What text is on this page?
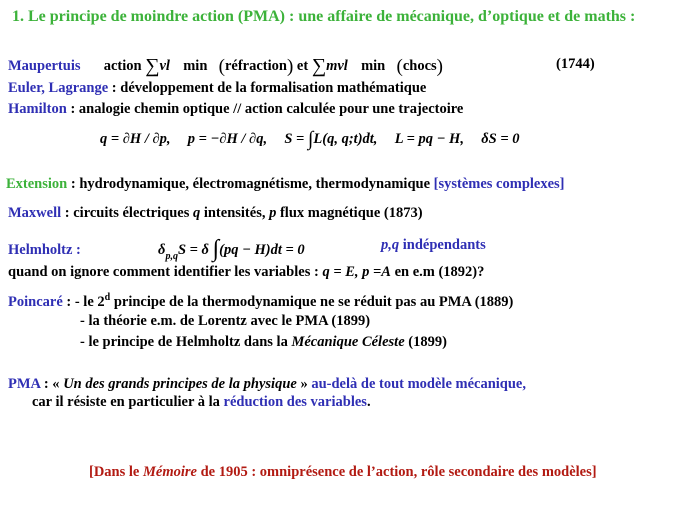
1. Le principe de moindre action (PMA) : une affaire de mécanique, d’optique et de maths :
Maupertuis action ∑vl min (réfraction) et ∑mvl min (chocs)	(1744)
Euler, Lagrange : développement de la formalisation mathématique
Hamilton : analogie chemin optique // action calculée pour une trajectoire
q = ∂H / ∂p, p = −∂H / ∂q, S = ∫L(q, q;t)dt, L = pq − H, δS = 0
Extension : hydrodynamique, électromagnétisme, thermodynamique [systèmes complexes]
Maxwell : circuits électriques q intensités, p flux magnétique (1873)
Helmholtz :	$\delta_{p,q}S = \delta$ ∫(pq − H)dt = 0	p,q indépendants
quand on ignore comment identifier les variables : q = E, p =A en e.m (1892)?
Poincaré : - le 2$^d$ principe de la thermodynamique ne se réduit pas au PMA (1889)
- la théorie e.m. de Lorentz avec le PMA (1899)
- le principe de Helmholtz dans la Mécanique Céleste (1899)
PMA : « Un des grands principes de la physique » au-delà de tout modèle mécanique,
car il résiste en particulier à la réduction des variables.
[Dans le Mémoire de 1905 : omniprésence de l’action, rôle secondaire des modèles]
